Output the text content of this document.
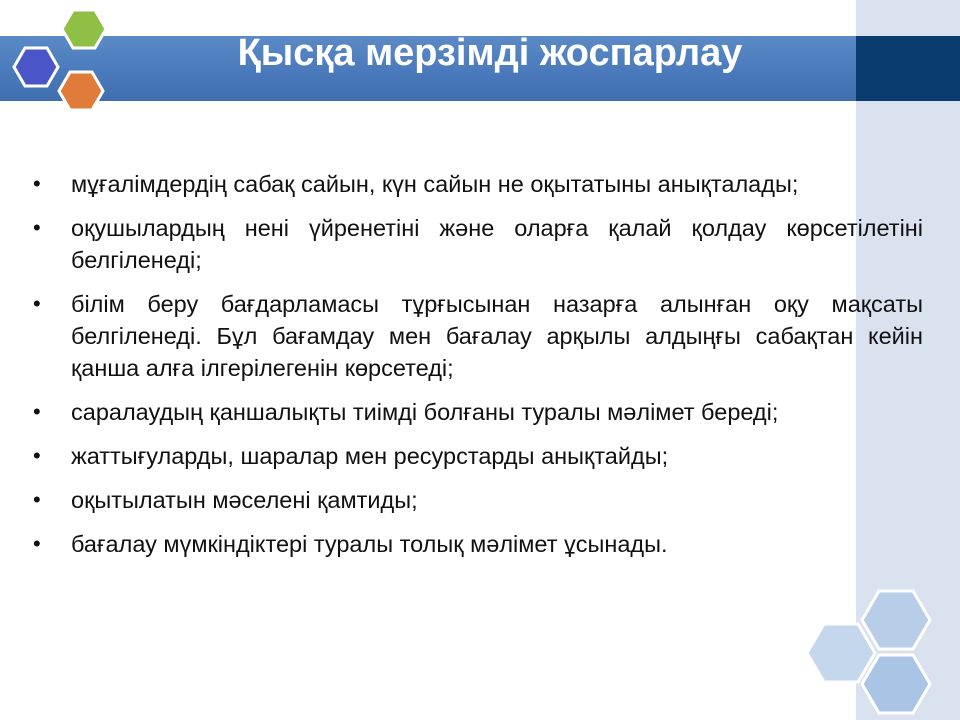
Қысқа мерзімді жоспарлау
• мұғалімдердің сабақ сайын, күн сайын не оқытатыны анықталады;
• оқушылардың нені үйренетіні және оларға қалай қолдау көрсетілетіні белгіленеді;
• білім беру бағдарламасы тұрғысынан назарға алынған оқу мақсаты белгіленеді. Бұл бағамдау мен бағалау арқылы алдыңғы сабақтан кейін қанша алға ілгерілегенін көрсетеді;
• саралаудың қаншалықты тиімді болғаны туралы мәлімет береді;
• жаттығуларды, шаралар мен ресурстарды анықтайды;
• оқытылатын мәселені қамтиды;
• бағалау мүмкіндіктері туралы толық мәлімет ұсынады.
